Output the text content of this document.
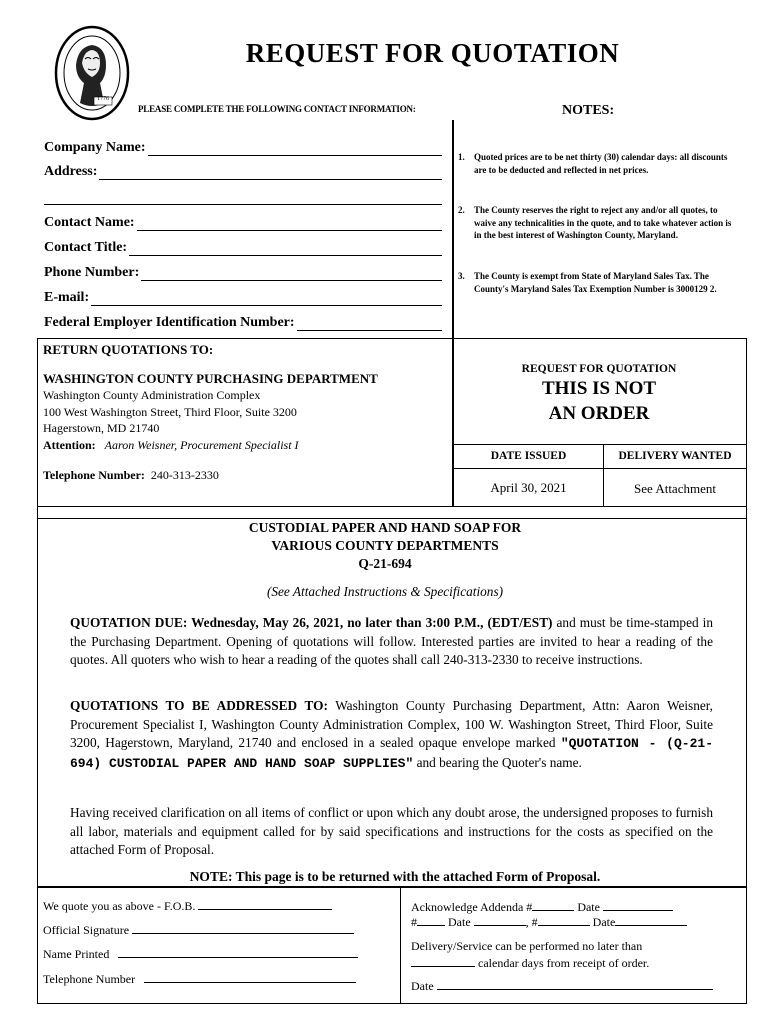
1776
REQUEST FOR QUOTATION
PLEASE COMPLETE THE FOLLOWING CONTACT INFORMATION:	NOTES:
Company Name:
Address:
Contact Name:
Contact Title:
Phone Number:
E-mail:
Federal Employer Identification Number:
1.	Quoted prices are to be net thirty (30) calendar days: all discounts are to be deducted and reflected in net prices.
2.	The County reserves the right to reject any and/or all quotes, to waive any technicalities in the quote, and to take whatever action is in the best interest of Washington County, Maryland.
3.	The County is exempt from State of Maryland Sales Tax. The County's Maryland Sales Tax Exemption Number is 3000129 2.
RETURN QUOTATIONS TO:
WASHINGTON COUNTY PURCHASING DEPARTMENT
Washington County Administration Complex
100 West Washington Street, Third Floor, Suite 3200
Hagerstown, MD 21740
Attention: Aaron Weisner, Procurement Specialist I
Telephone Number: 240-313-2330
REQUEST FOR QUOTATION
THIS IS NOT
AN ORDER
DATE ISSUED	DELIVERY WANTED
April 30, 2021	See Attachment
CUSTODIAL PAPER AND HAND SOAP FOR
VARIOUS COUNTY DEPARTMENTS
Q-21-694
(See Attached Instructions & Specifications)
QUOTATION DUE: Wednesday, May 26, 2021, no later than 3:00 P.M., (EDT/EST) and must be time-stamped in the Purchasing Department. Opening of quotations will follow. Interested parties are invited to hear a reading of the quotes. All quoters who wish to hear a reading of the quotes shall call 240-313-2330 to receive instructions.
QUOTATIONS TO BE ADDRESSED TO: Washington County Purchasing Department, Attn: Aaron Weisner, Procurement Specialist I, Washington County Administration Complex, 100 W. Washington Street, Third Floor, Suite 3200, Hagerstown, Maryland, 21740 and enclosed in a sealed opaque envelope marked "QUOTATION - (Q-21-694) CUSTODIAL PAPER AND HAND SOAP SUPPLIES" and bearing the Quoter's name.
Having received clarification on all items of conflict or upon which any doubt arose, the undersigned proposes to furnish all labor, materials and equipment called for by said specifications and instructions for the costs as specified on the attached Form of Proposal.
NOTE: This page is to be returned with the attached Form of Proposal.
We quote you as above - F.O.B.
Official Signature
Name Printed
Telephone Number
Acknowledge Addenda #	Date
#	Date	, #	Date
Delivery/Service can be performed no later than
calendar days from receipt of order.
Date
